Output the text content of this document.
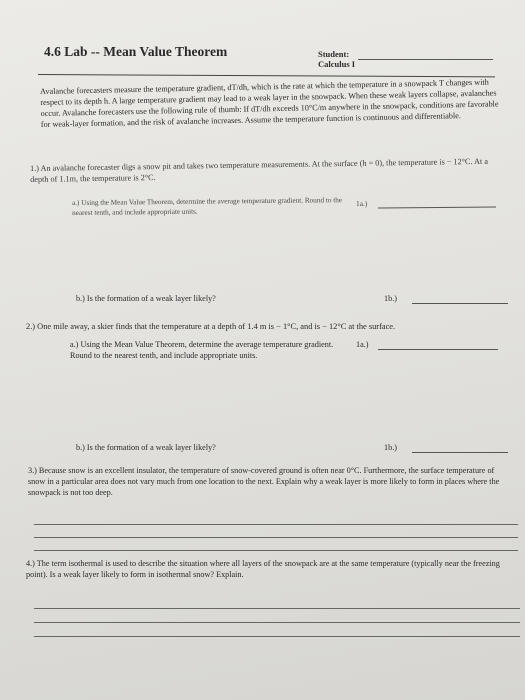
4.6 Lab -- Mean Value Theorem	Student:
Calculus I
Avalanche forecasters measure the temperature gradient, dT/dh, which is the rate at which the temperature in a snowpack T changes with respect to its depth h. A large temperature gradient may lead to a weak layer in the snowpack. When these weak layers collapse, avalanches occur. Avalanche forecasters use the following rule of thumb: If dT/dh exceeds 10°C/m anywhere in the snowpack, conditions are favorable for weak-layer formation, and the risk of avalanche increases. Assume the temperature function is continuous and differentiable.
1.) An avalanche forecaster digs a snow pit and takes two temperature measurements. At the surface (h = 0), the temperature is − 12°C. At a depth of 1.1m, the temperature is 2°C.
a.) Using the Mean Value Theorem, determine the average temperature gradient. Round to the nearest tenth, and include appropriate units.
1a.)
b.) Is the formation of a weak layer likely?	1b.)
2.) One mile away, a skier finds that the temperature at a depth of 1.4 m is − 1°C, and is − 12°C at the surface.
a.) Using the Mean Value Theorem, determine the average temperature gradient. Round to the nearest tenth, and include appropriate units.
1a.)
b.) Is the formation of a weak layer likely?	1b.)
3.) Because snow is an excellent insulator, the temperature of snow-covered ground is often near 0°C. Furthermore, the surface temperature of snow in a particular area does not vary much from one location to the next. Explain why a weak layer is more likely to form in places where the snowpack is not too deep.
4.) The term isothermal is used to describe the situation where all layers of the snowpack are at the same temperature (typically near the freezing point). Is a weak layer likely to form in isothermal snow? Explain.
